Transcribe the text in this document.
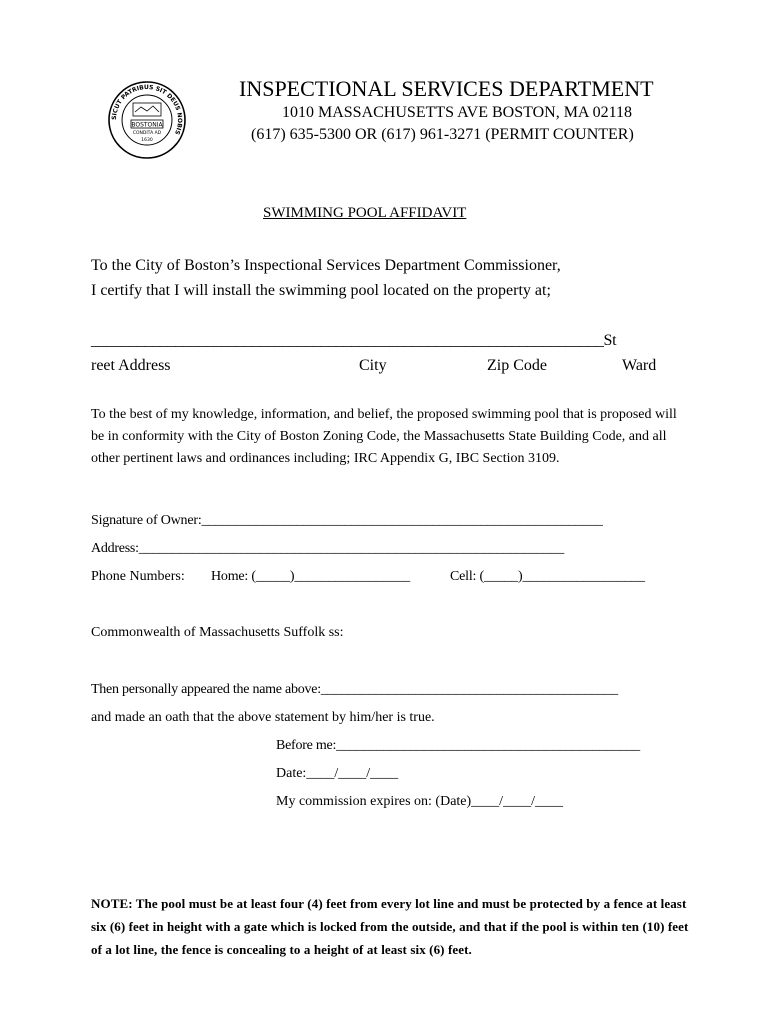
SICUT PATRIBUS SIT DEUS NOBIS
BOSTONIA
CONDITA AD
1630
INSPECTIONAL SERVICES DEPARTMENT
1010 MASSACHUSETTS AVE BOSTON, MA 02118
(617) 635-5300 OR (617) 961-3271 (PERMIT COUNTER)
SWIMMING POOL AFFIDAVIT
To the City of Boston’s Inspectional Services Department Commissioner,
I certify that I will install the swimming pool located on the property at;
___________________________________________________________________St
reet Address	City	Zip Code	Ward
To the best of my knowledge, information, and belief, the proposed swimming pool that is proposed will be in conformity with the City of Boston Zoning Code, the Massachusetts State Building Code, and all other pertinent laws and ordinances including; IRC Appendix G, IBC Section 3109.
Signature of Owner:___________________________________________________________
Address:_______________________________________________________________
Phone Numbers: Home: (_____)_________________	Cell: (_____)__________________
Commonwealth of Massachusetts Suffolk ss:
Then personally appeared the name above:____________________________________________
and made an oath that the above statement by him/her is true.
Before me:_____________________________________________
Date:____/____/____
My commission expires on: (Date)____/____/____
NOTE: The pool must be at least four (4) feet from every lot line and must be protected by a fence at least six (6) feet in height with a gate which is locked from the outside, and that if the pool is within ten (10) feet of a lot line, the fence is concealing to a height of at least six (6) feet.
